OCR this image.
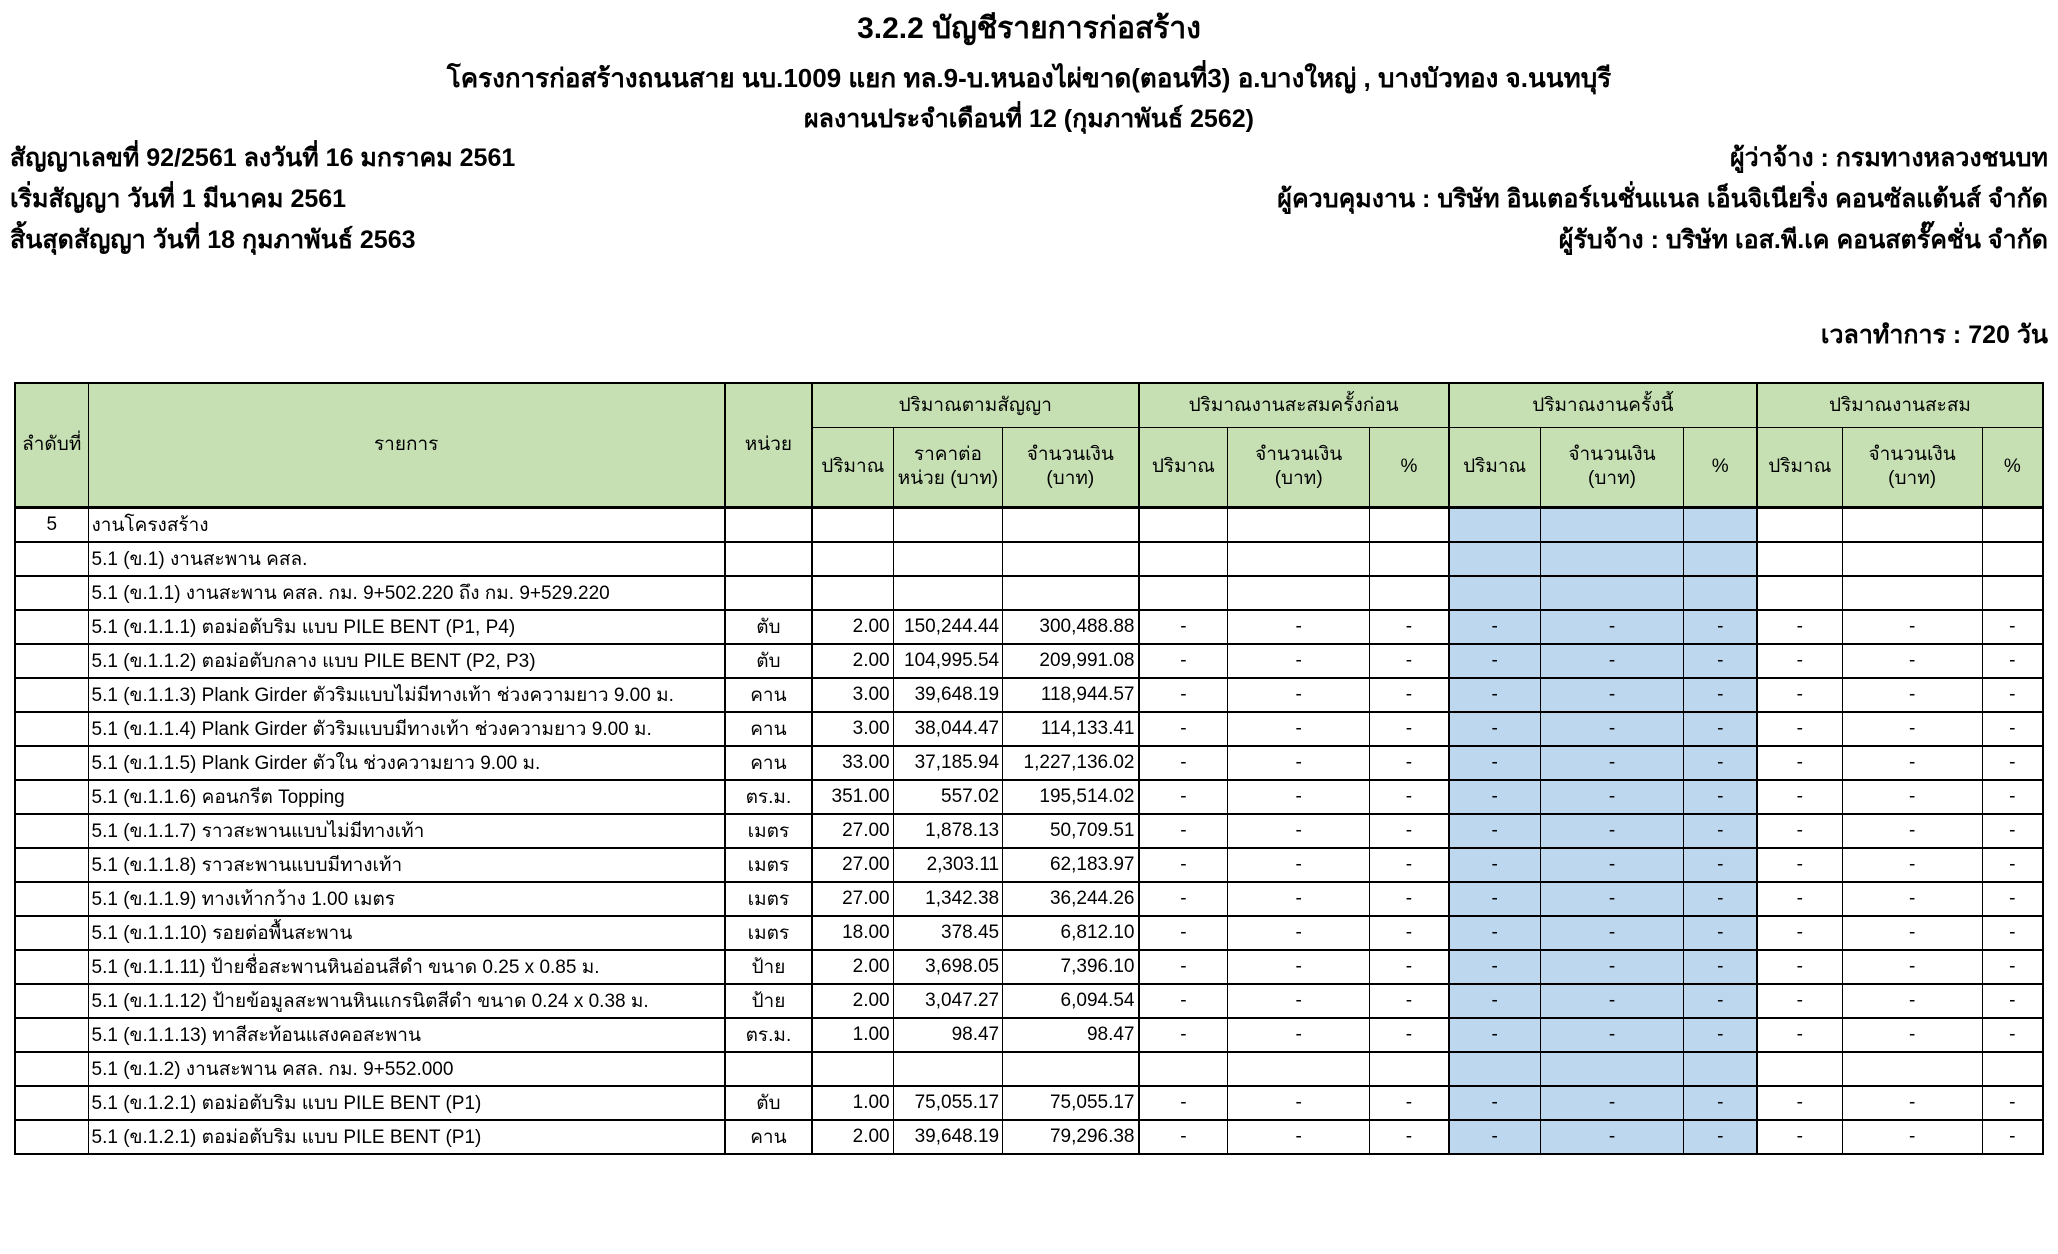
3.2.2 บัญชีรายการก่อสร้าง
โครงการก่อสร้างถนนสาย นบ.1009 แยก ทล.9-บ.หนองไผ่ขาด(ตอนที่3) อ.บางใหญ่ , บางบัวทอง จ.นนทบุรี
ผลงานประจำเดือนที่ 12 (กุมภาพันธ์ 2562)
สัญญาเลขที่ 92/2561 ลงวันที่ 16 มกราคม 2561
เริ่มสัญญา วันที่ 1 มีนาคม 2561
สิ้นสุดสัญญา วันที่ 18 กุมภาพันธ์ 2563
ผู้ว่าจ้าง : กรมทางหลวงชนบท
ผู้ควบคุมงาน : บริษัท อินเตอร์เนชั่นแนล เอ็นจิเนียริ่ง คอนซัลแต้นส์ จำกัด
ผู้รับจ้าง : บริษัท เอส.พี.เค คอนสตรั๊คชั่น จำกัด
เวลาทำการ : 720 วัน
ลำดับที่	รายการ	หน่วย	ปริมาณตามสัญญา			ปริมาณงานสะสมครั้งก่อน			ปริมาณงานครั้งนี้			ปริมาณงานสะสม		
			ปริมาณ	ราคาต่อหน่วย (บาท)	จำนวนเงิน (บาท)	ปริมาณ	จำนวนเงิน (บาท)	%	ปริมาณ	จำนวนเงิน (บาท)	%	ปริมาณ	จำนวนเงิน (บาท)	%
5	งานโครงสร้าง													
	5.1 (ข.1) งานสะพาน คสล.													
	5.1 (ข.1.1) งานสะพาน คสล. กม. 9+502.220 ถึง กม. 9+529.220													
	5.1 (ข.1.1.1) ตอม่อตับริม แบบ PILE BENT (P1, P4)	ตับ	2.00	150,244.44	300,488.88	-	-	-	-	-	-	-	-	-
	5.1 (ข.1.1.2) ตอม่อตับกลาง แบบ PILE BENT (P2, P3)	ตับ	2.00	104,995.54	209,991.08	-	-	-	-	-	-	-	-	-
	5.1 (ข.1.1.3) Plank Girder ตัวริมแบบไม่มีทางเท้า ช่วงความยาว 9.00 ม.	คาน	3.00	39,648.19	118,944.57	-	-	-	-	-	-	-	-	-
	5.1 (ข.1.1.4) Plank Girder ตัวริมแบบมีทางเท้า ช่วงความยาว 9.00 ม.	คาน	3.00	38,044.47	114,133.41	-	-	-	-	-	-	-	-	-
	5.1 (ข.1.1.5) Plank Girder ตัวใน ช่วงความยาว 9.00 ม.	คาน	33.00	37,185.94	1,227,136.02	-	-	-	-	-	-	-	-	-
	5.1 (ข.1.1.6) คอนกรีต Topping	ตร.ม.	351.00	557.02	195,514.02	-	-	-	-	-	-	-	-	-
	5.1 (ข.1.1.7) ราวสะพานแบบไม่มีทางเท้า	เมตร	27.00	1,878.13	50,709.51	-	-	-	-	-	-	-	-	-
	5.1 (ข.1.1.8) ราวสะพานแบบมีทางเท้า	เมตร	27.00	2,303.11	62,183.97	-	-	-	-	-	-	-	-	-
	5.1 (ข.1.1.9) ทางเท้ากว้าง 1.00 เมตร	เมตร	27.00	1,342.38	36,244.26	-	-	-	-	-	-	-	-	-
	5.1 (ข.1.1.10) รอยต่อพื้นสะพาน	เมตร	18.00	378.45	6,812.10	-	-	-	-	-	-	-	-	-
	5.1 (ข.1.1.11) ป้ายชื่อสะพานหินอ่อนสีดำ ขนาด 0.25 x 0.85 ม.	ป้าย	2.00	3,698.05	7,396.10	-	-	-	-	-	-	-	-	-
	5.1 (ข.1.1.12) ป้ายข้อมูลสะพานหินแกรนิตสีดำ ขนาด 0.24 x 0.38 ม.	ป้าย	2.00	3,047.27	6,094.54	-	-	-	-	-	-	-	-	-
	5.1 (ข.1.1.13) ทาสีสะท้อนแสงคอสะพาน	ตร.ม.	1.00	98.47	98.47	-	-	-	-	-	-	-	-	-
	5.1 (ข.1.2) งานสะพาน คสล. กม. 9+552.000													
	5.1 (ข.1.2.1) ตอม่อตับริม แบบ PILE BENT (P1)	ตับ	1.00	75,055.17	75,055.17	-	-	-	-	-	-	-	-	-
	5.1 (ข.1.2.1) ตอม่อตับริม แบบ PILE BENT (P1)	คาน	2.00	39,648.19	79,296.38	-	-	-	-	-	-	-	-	-
